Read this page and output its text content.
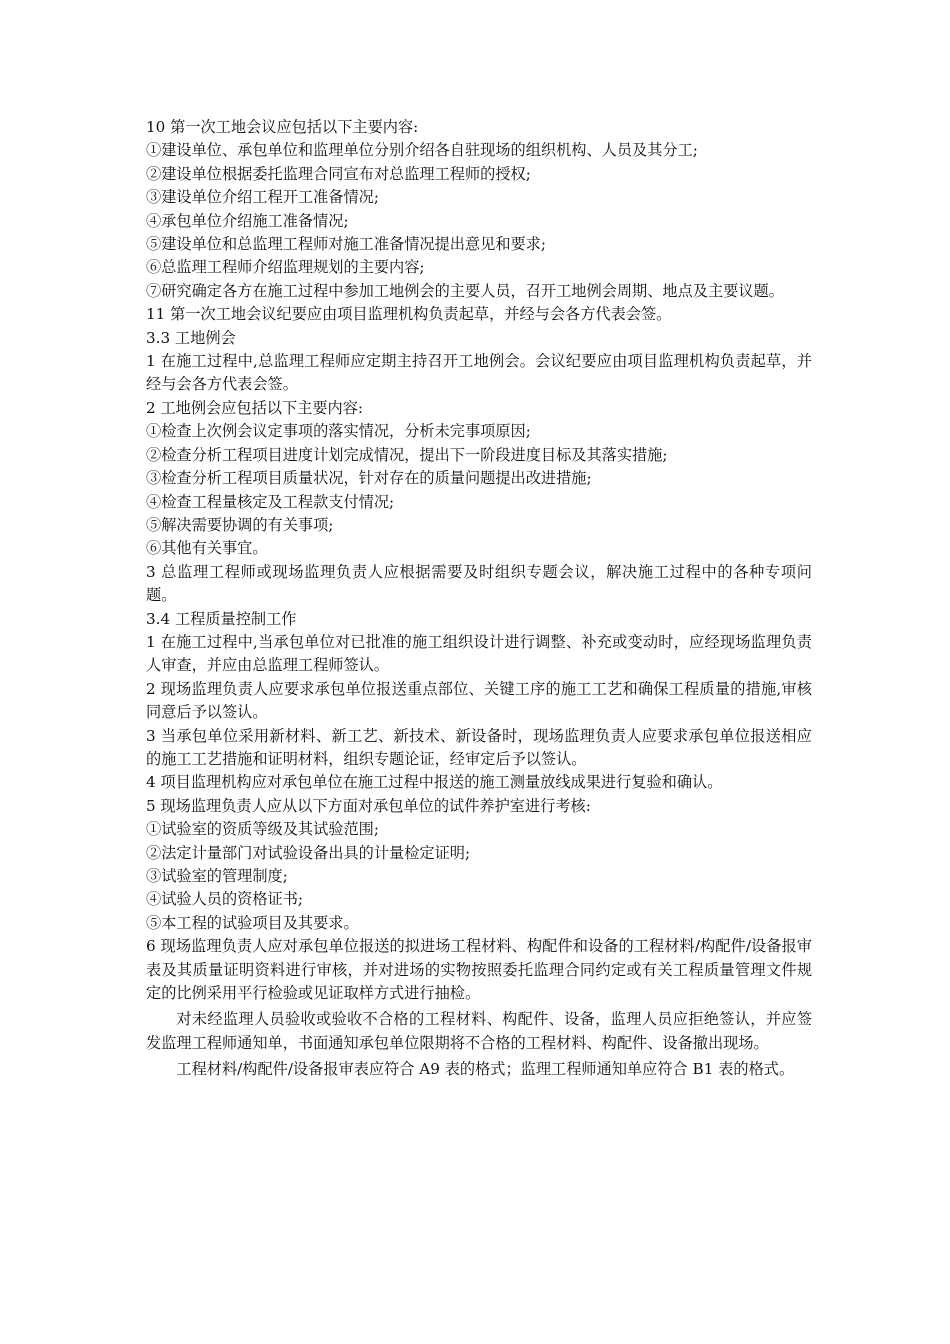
10 第一次工地会议应包括以下主要内容:

①建设单位、承包单位和监理单位分别介绍各自驻现场的组织机构、人员及其分工;

②建设单位根据委托监理合同宣布对总监理工程师的授权;

③建设单位介绍工程开工准备情况;

④承包单位介绍施工准备情况;

⑤建设单位和总监理工程师对施工准备情况提出意见和要求;

⑥总监理工程师介绍监理规划的主要内容;

⑦研究确定各方在施工过程中参加工地例会的主要人员，召开工地例会周期、地点及主要议题。

11 第一次工地会议纪要应由项目监理机构负责起草，并经与会各方代表会签。

3.3 工地例会

1 在施工过程中,总监理工程师应定期主持召开工地例会。会议纪要应由项目监理机构负责起草，并经与会各方代表会签。

2 工地例会应包括以下主要内容:

①检查上次例会议定事项的落实情况，分析未完事项原因;

②检查分析工程项目进度计划完成情况，提出下一阶段进度目标及其落实措施;

③检查分析工程项目质量状况，针对存在的质量问题提出改进措施;

④检查工程量核定及工程款支付情况;

⑤解决需要协调的有关事项;

⑥其他有关事宜。

3 总监理工程师或现场监理负责人应根据需要及时组织专题会议，解决施工过程中的各种专项问题。

3.4 工程质量控制工作

1 在施工过程中,当承包单位对已批准的施工组织设计进行调整、补充或变动时，应经现场监理负责人审查，并应由总监理工程师签认。

2 现场监理负责人应要求承包单位报送重点部位、关键工序的施工工艺和确保工程质量的措施,审核同意后予以签认。

3 当承包单位采用新材料、新工艺、新技术、新设备时，现场监理负责人应要求承包单位报送相应的施工工艺措施和证明材料，组织专题论证，经审定后予以签认。

4 项目监理机构应对承包单位在施工过程中报送的施工测量放线成果进行复验和确认。

5 现场监理负责人应从以下方面对承包单位的试件养护室进行考核:

①试验室的资质等级及其试验范围;

②法定计量部门对试验设备出具的计量检定证明;

③试验室的管理制度;

④试验人员的资格证书;

⑤本工程的试验项目及其要求。

6 现场监理负责人应对承包单位报送的拟进场工程材料、构配件和设备的工程材料/构配件/设备报审表及其质量证明资料进行审核，并对进场的实物按照委托监理合同约定或有关工程质量管理文件规定的比例采用平行检验或见证取样方式进行抽检。

对未经监理人员验收或验收不合格的工程材料、构配件、设备，监理人员应拒绝签认，并应签发监理工程师通知单，书面通知承包单位限期将不合格的工程材料、构配件、设备撤出现场。

工程材料/构配件/设备报审表应符合 A9 表的格式；监理工程师通知单应符合 B1 表的格式。
